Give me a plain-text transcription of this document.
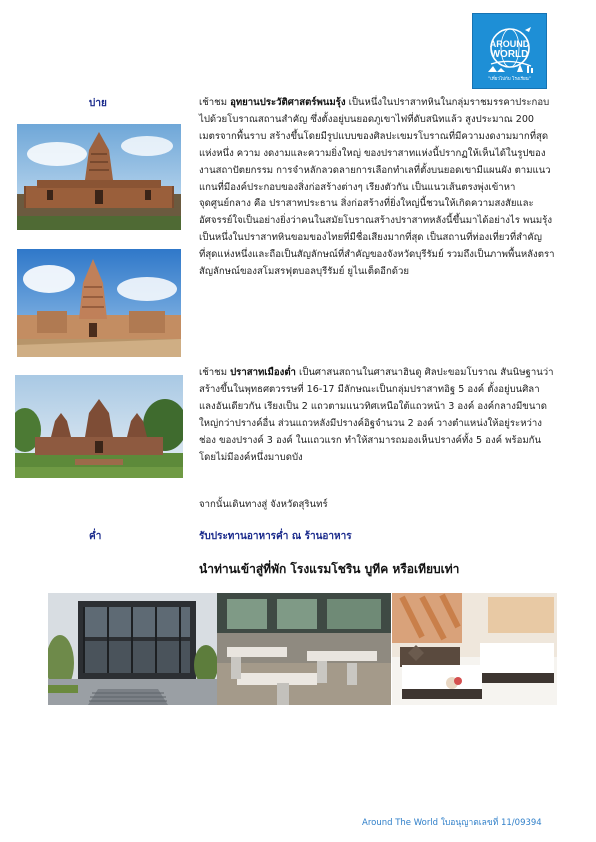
AROUND
WORLD
"เที่ยวไปกับ โรงเรียน"
บ่าย	เช้าชม อุทยานประวัติศาสตร์พนมรุ้ง เป็นหนึ่งในปราสาทหินในกลุ่มราชมรรคาประกอบไปด้วยโบราณสถานสำคัญ ซึ่งตั้งอยู่บนยอดภูเขาไฟที่ดับสนิทแล้ว สูงประมาณ 200 เมตรจากพื้นราบ สร้างขึ้นโดยมีรูปแบบของศิลปะเขมรโบราณที่มีความงดงามมากที่สุดแห่งหนึ่ง ความ งดงามและความยิ่งใหญ่ ของปราสาทแห่งนี้ปรากฏให้เห็นได้ในรูปของงานสถาปัตยกรรม การจำหลักลวดลายการเลือกทำเลที่ตั้งบนยอดเขามีแผนผัง ตามแนวแกนที่มีองค์ประกอบของสิ่งก่อสร้างต่างๆ เรียงตัวกัน เป็นแนวเส้นตรงพุ่งเข้าหาจุดศูนย์กลาง คือ ปราสาทประธาน สิ่งก่อสร้างที่ยิ่งใหญ่นี้ชวนให้เกิดความสงสัยและอัศจรรย์ใจเป็นอย่างยิ่งว่าคนในสมัยโบราณสร้างปราสาทหลังนี้ขึ้นมาได้อย่างไร พนมรุ้งเป็นหนึ่งในปราสาทหินขอมของไทยที่มีชื่อเสียงมากที่สุด เป็นสถานที่ท่องเที่ยวที่สำคัญที่สุดแห่งหนึ่งและถือเป็นสัญลักษณ์ที่สำคัญของจังหวัดบุรีรัมย์ รวมถึงเป็นภาพพื้นหลังตราสัญลักษณ์ของสโมสรฟุตบอลบุรีรัมย์ ยูไนเต็ดอีกด้วย
เช้าชม ปราสาทเมืองต่ำ เป็นศาสนสถานในศาสนาฮินดู ศิลปะขอมโบราณ สันนิษฐานว่าสร้างขึ้นในพุทธศตวรรษที่ 16-17 มีลักษณะเป็นกลุ่มปราสาทอิฐ 5 องค์ ตั้งอยู่บนศิลาแลงอันเดียวกัน เรียงเป็น 2 แถวตามแนวทิศเหนือใต้แถวหน้า 3 องค์ องค์กลางมีขนาดใหญ่กว่าปรางค์อื่น ส่วนแถวหลังมีปรางค์อิฐจำนวน 2 องค์ วางตำแหน่งให้อยู่ระหว่างช่อง ของปรางค์ 3 องค์ ในแถวแรก ทำให้สามารถมองเห็นปรางค์ทั้ง 5 องค์ พร้อมกันโดยไม่มีองค์หนึ่งมาบดบัง
จากนั้นเดินทางสู่ จังหวัดสุรินทร์
ค่ำ	รับประทานอาหารค่ำ ณ ร้านอาหาร
นำท่านเข้าสู่ที่พัก โรงแรมโชริน บูทีค หรือเทียบเท่า
Around The World ใบอนุญาตเลขที่ 11/09394
